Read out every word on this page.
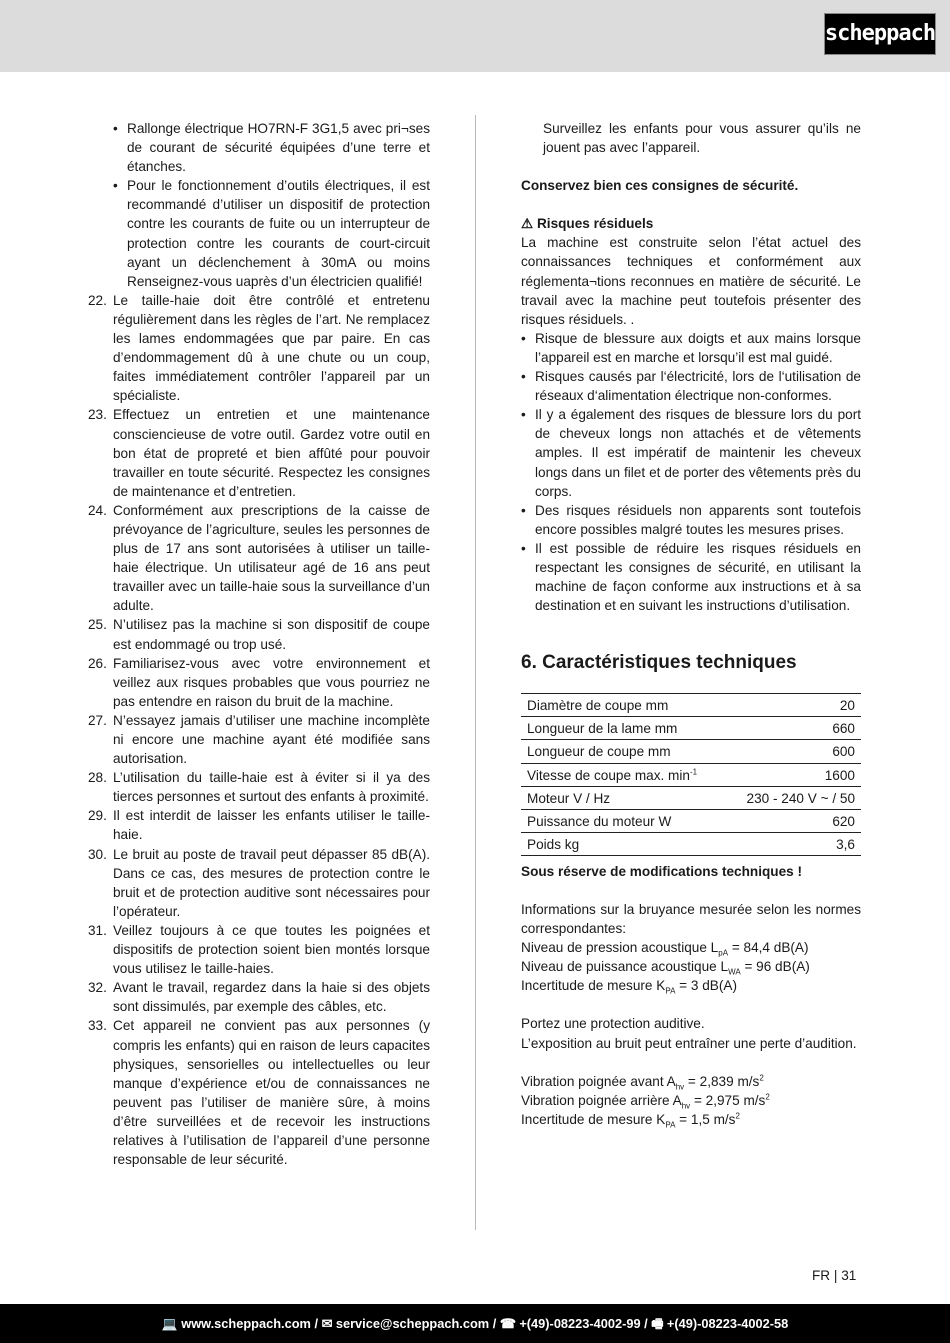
scheppach
• Rallonge électrique HO7RN-F 3G1,5 avec pri¬ses de courant de sécurité équipées d’une terre et étanches.
• Pour le fonctionnement d’outils électriques, il est recommandé d’utiliser un dispositif de protection contre les courants de fuite ou un interrupteur de protection contre les courants de court-circuit ayant un déclenchement à 30mA ou moins Renseignez-vous uaprès d’un électricien qualifié!
22. Le taille-haie doit être contrôlé et entretenu régulièrement dans les règles de l’art. Ne remplacez les lames endommagées que par paire. En cas d’endommagement dû à une chute ou un coup, faites immédiatement contrôler l’appareil par un spécialiste.
23. Effectuez un entretien et une maintenance consciencieuse de votre outil. Gardez votre outil en bon état de propreté et bien affûté pour pouvoir travailler en toute sécurité. Respectez les consignes de maintenance et d’entretien.
24. Conformément aux prescriptions de la caisse de prévoyance de l’agriculture, seules les personnes de plus de 17 ans sont autorisées à utiliser un taille-haie électrique. Un utilisateur agé de 16 ans peut travailler avec un taille-haie sous la surveillance d’un adulte.
25. N’utilisez pas la machine si son dispositif de coupe est endommagé ou trop usé.
26. Familiarisez-vous avec votre environnement et veillez aux risques probables que vous pourriez ne pas entendre en raison du bruit de la machine.
27. N’essayez jamais d’utiliser une machine incomplète ni encore une machine ayant été modifiée sans autorisation.
28. L’utilisation du taille-haie est à éviter si il ya des tierces personnes et surtout des enfants à proximité.
29. Il est interdit de laisser les enfants utiliser le taille-haie.
30. Le bruit au poste de travail peut dépasser 85 dB(A). Dans ce cas, des mesures de protection contre le bruit et de protection auditive sont nécessaires pour l’opérateur.
31. Veillez toujours à ce que toutes les poignées et dispositifs de protection soient bien montés lorsque vous utilisez le taille-haies.
32. Avant le travail, regardez dans la haie si des objets sont dissimulés, par exemple des câbles, etc.
33. Cet appareil ne convient pas aux personnes (y compris les enfants) qui en raison de leurs capacites physiques, sensorielles ou intellectuelles ou leur manque d’expérience et/ou de connaissances ne peuvent pas l’utiliser de manière sûre, à moins d’être surveillées et de recevoir les instructions relatives à l’utilisation de l’appareil d’une personne responsable de leur sécurité.
Surveillez les enfants pour vous assurer qu’ils ne jouent pas avec l’appareil.
Conservez bien ces consignes de sécurité.
⚠ Risques résiduels
La machine est construite selon l’état actuel des connaissances techniques et conformément aux réglementa¬tions reconnues en matière de sécurité. Le travail avec la machine peut toutefois présenter des risques résiduels. .
• Risque de blessure aux doigts et aux mains lorsque l’appareil est en marche et lorsqu’il est mal guidé.
• Risques causés par l‘électricité, lors de l‘utilisation de réseaux d‘alimentation électrique non-conformes.
• Il y a également des risques de blessure lors du port de cheveux longs non attachés et de vêtements amples. Il est impératif de maintenir les cheveux longs dans un filet et de porter des vêtements près du corps.
• Des risques résiduels non apparents sont toutefois encore possibles malgré toutes les mesures prises.
• Il est possible de réduire les risques résiduels en respectant les consignes de sécurité, en utilisant la machine de façon conforme aux instructions et à sa destination et en suivant les instructions d’utilisation.
6. Caractéristiques techniques
Diamètre de coupe mm	20
Longueur de la lame mm	660
Longueur de coupe mm	600
Vitesse de coupe max. $\min^{-1}$	1600
Moteur V / Hz	230 - 240 V ~ / 50
Puissance du moteur W	620
Poids kg	3,6
Sous réserve de modifications techniques !
Informations sur la bruyance mesurée selon les normes correspondantes:
Niveau de pression acoustique $L_{pA} = 84,4$ dB(A)
Niveau de puissance acoustique $L_{WA} = 96$ dB(A)
Incertitude de mesure $K_{PA} = 3$ dB(A)
Portez une protection auditive.
L’exposition au bruit peut entraîner une perte d’audition.
Vibration poignée avant $A_{hv} = 2,839$ $m/s^2$
Vibration poignée arrière $A_{hv} = 2,975$ $m/s^2$
Incertitude de mesure $K_{PA} = 1,5$ $m/s^2$
FR | 31
💻 www.scheppach.com / ✉ service@scheppach.com / ☎ +(49)-08223-4002-99 / 🖷 +(49)-08223-4002-58
